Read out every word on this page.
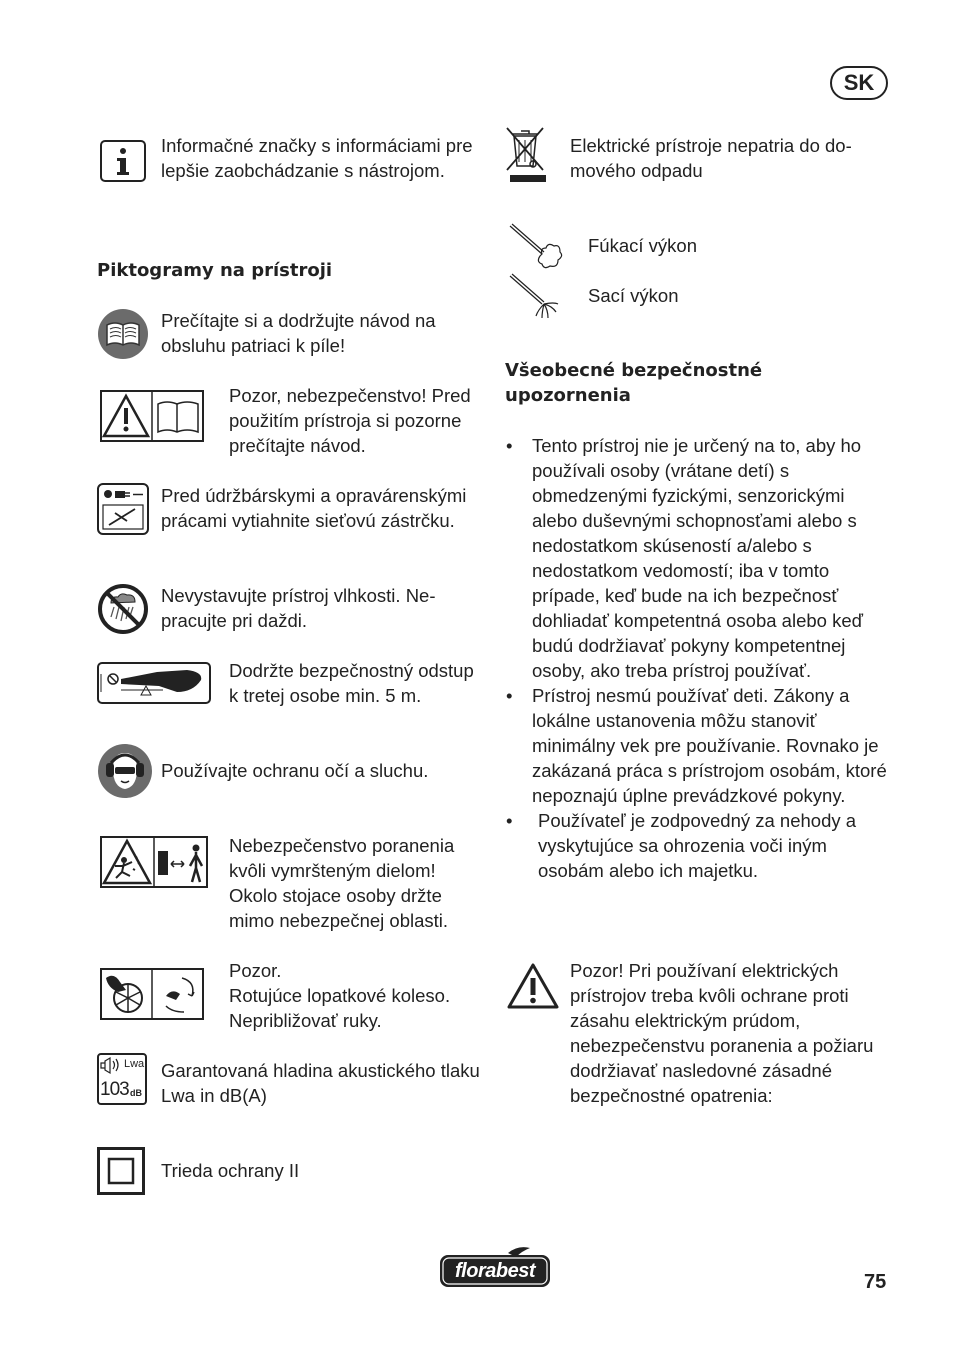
SK
Informačné značky s informáciami pre lepšie zaobchádzanie s nástrojom.
Piktogramy na prístroji
Prečítajte si a dodržujte návod na obsluhu patriaci k píle!
Pozor, nebezpečenstvo! Pred použitím prístroja si pozorne prečítajte návod.
Pred údržbárskymi a opravárenskými prácami vytiahnite sieťovú zástrčku.
Nevystavujte prístroj vlhkosti. Nepracujte pri daždi.
Dodržte bezpečnostný odstup k tretej osobe min. 5 m.
Používajte ochranu očí a sluchu.
Nebezpečenstvo poranenia kvôli vymršteným dielom! Okolo stojace osoby držte mimo nebezpečnej oblasti.
Pozor.
Rotujúce lopatkové koleso. Nepribližovať ruky.
Lwa
103 dB
Garantovaná hladina akustického tlaku Lwa in dB(A)
Trieda ochrany II
Elektrické prístroje nepatria do domového odpadu
Fúkací výkon
Sací výkon
Všeobecné bezpečnostné upozornenia
• Tento prístroj nie je určený na to, aby ho používali osoby (vrátane detí) s obmedzenými fyzickými, senzorickými alebo duševnými schopnosťami alebo s nedostatkom skúseností a/alebo s nedostatkom vedomostí; iba v tomto prípade, keď bude na ich bezpečnosť dohliadať kompetentná osoba alebo keď budú dodržiavať pokyny kompetentnej osoby, ako treba prístroj používať.
• Prístroj nesmú používať deti. Zákony a lokálne ustanovenia môžu stanoviť minimálny vek pre používanie. Rovnako je zakázaná práca s prístrojom osobám, ktoré nepoznajú úplne prevádzkové pokyny.
• Používateľ je zodpovedný za nehody a vyskytujúce sa ohrozenia voči iným osobám alebo ich majetku.
Pozor! Pri používaní elektrických prístrojov treba kvôli ochrane proti zásahu elektrickým prúdom, nebezpečenstvu poranenia a požiaru dodržiavať nasledovné zásadné bezpečnostné opatrenia:
florabest	75
